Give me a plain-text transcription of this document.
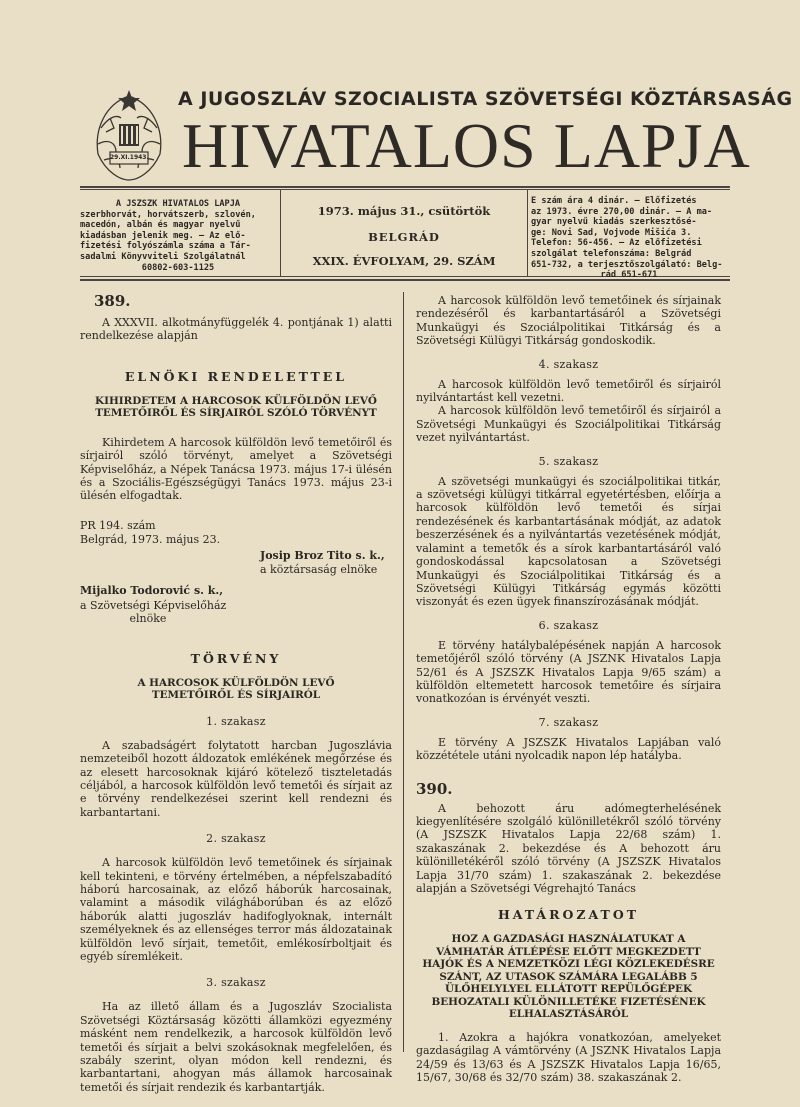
29.XI.1943.
A JUGOSZLÁV SZOCIALISTA SZÖVETSÉGI KÖZTÁRSASÁG
HIVATALOS LAPJA

A JSZSZK HIVATALOS LAPJA

szerbhorvát, horvátszerb, szlovén,

macedón, albán és magyar nyelvű

kiadásban jelenik meg. — Az elő-

fizetési folyószámla száma a Tár-

sadalmi Könyvviteli Szolgálatnál

60802-603-1125

1973. május 31., csütörtök
BELGRÁD
XXIX. ÉVFOLYAM, 29. SZÁM

E szám ára 4 dinár. — Előfizetés

az 1973. évre 270,00 dinár. — A ma-

gyar nyelvű kiadás szerkesztősé-

ge: Novi Sad, Vojvode Mišića 3.

Telefon: 56-456. — Az előfizetési

szolgálat telefonszáma: Belgrád

651-732, a terjesztőszolgálató: Belg-

rád 651-671

389.

A XXXVII. alkotmányfüggelék 4. pontjának 1) alatti rendelkezése alapján

ELNÖKI RENDELETTEL
KIHIRDETEM A HARCOSOK KÜLFÖLDÖN LEVŐ TEMETŐIRŐL ÉS SÍRJAIRÓL SZÓLÓ TÖRVÉNYT

Kihirdetem A harcosok külföldön levő temetőiről és sírjairól szóló törvényt, amelyet a Szövetségi Képviselőház, a Népek Tanácsa 1973. május 17-i ülésén és a Szociális-Egészségügyi Tanács 1973. május 23-i ülésén elfogadtak.

PR 194. szám
Belgrád, 1973. május 23.
Josip Broz Tito s. k.,
a köztársaság elnöke
Mijalko Todorović s. k.,
a Szövetségi Képviselőház
elnöke
TÖRVÉNY
A HARCOSOK KÜLFÖLDÖN LEVŐ TEMETŐIRŐL ÉS SÍRJAIRÓL
1. szakasz

A szabadságért folytatott harcban Jugoszlávia nemzeteiből hozott áldozatok emlékének megőrzése és az elesett harcosoknak kijáró kötelező tiszteletadás céljából, a harcosok külföldön levő temetői és sírjait az e törvény rendelkezései szerint kell rendezni és karbantartani.

2. szakasz

A harcosok külföldön levő temetőinek és sírjainak kell tekinteni, e törvény értelmében, a népfelszabadító háború harcosainak, az előző háborúk harcosainak, valamint a második világháborúban és az előző háborúk alatti jugoszláv hadifoglyoknak, internált személyeknek és az ellenséges terror más áldozatainak külföldön levő sírjait, temetőit, emlékosírboltjait és egyéb síremlékeit.

3. szakasz

Ha az illető állam és a Jugoszláv Szocialista Szövetségi Köztársaság közötti államközi egyezmény másként nem rendelkezik, a harcosok külföldön levő temetői és sírjait a belvi szokásoknak megfelelően, és szabály szerint, olyan módon kell rendezni, és karbantartani, ahogyan más államok harcosainak temetői és sírjait rendezik és karbantartják.

A harcosok külföldön levő temetőinek és sírjainak rendezéséről és karbantartásáról a Szövetségi Munkaügyi és Szociálpolitikai Titkárság és a Szövetségi Külügyi Titkárság gondoskodik.

4. szakasz

A harcosok külföldön levő temetőiről és sírjairól nyilvántartást kell vezetni.

A harcosok külföldön levő temetőiről és sírjairól a Szövetségi Munkaügyi és Szociálpolitikai Titkárság vezet nyilvántartást.

5. szakasz

A szövetségi munkaügyi és szociálpolitikai titkár, a szövetségi külügyi titkárral egyetértésben, előírja a harcosok külföldön levő temetői és sírjai rendezésének és karbantartásának módját, az adatok beszerzésének és a nyilvántartás vezetésének módját, valamint a temetők és a sírok karbantartásáról való gondoskodással kapcsolatosan a Szövetségi Munkaügyi és Szociálpolitikai Titkárság és a Szövetségi Külügyi Titkárság egymás közötti viszonyát és ezen ügyek finanszírozásának módját.

6. szakasz

E törvény hatálybalépésének napján A harcosok temetőjéről szóló törvény (A JSZNK Hivatalos Lapja 52/61 és A JSZSZK Hivatalos Lapja 9/65 szám) a külföldön eltemetett harcosok temetőire és sírjaira vonatkozóan is érvényét veszti.

7. szakasz

E törvény A JSZSZK Hivatalos Lapjában való közzététele utáni nyolcadik napon lép hatályba.

390.

A behozott áru adómegterhelésének kiegyenlítésére szolgáló különilletékről szóló törvény (A JSZSZK Hivatalos Lapja 22/68 szám) 1. szakaszának 2. bekezdése és A behozott áru különilletékéről szóló törvény (A JSZSZK Hivatalos Lapja 31/70 szám) 1. szakaszának 2. bekezdése alapján a Szövetségi Végrehajtó Tanács

HATÁROZATOT
HOZ A GAZDASÁGI HASZNÁLATUKAT A VÁMHATÁR ÁTLÉPÉSE ELŐTT MEGKEZDETT HAJÓK ÉS A NEMZETKÖZI LÉGI KÖZLEKEDÉSRE SZÁNT, AZ UTASOK SZÁMÁRA LEGALÁBB 5 ÜLŐHELYLYEL ELLÁTOTT REPÜLŐGÉPEK BEHOZATALI KÜLÖNILLETÉKE FIZETÉSÉNEK ELHALASZTÁSÁRÓL

1. Azokra a hajókra vonatkozóan, amelyeket gazdaságilag A vámtörvény (A JSZNK Hivatalos Lapja 24/59 és 13/63 és A JSZSZK Hivatalos Lapja 16/65, 15/67, 30/68 és 32/70 szám) 38. szakaszának 2.
